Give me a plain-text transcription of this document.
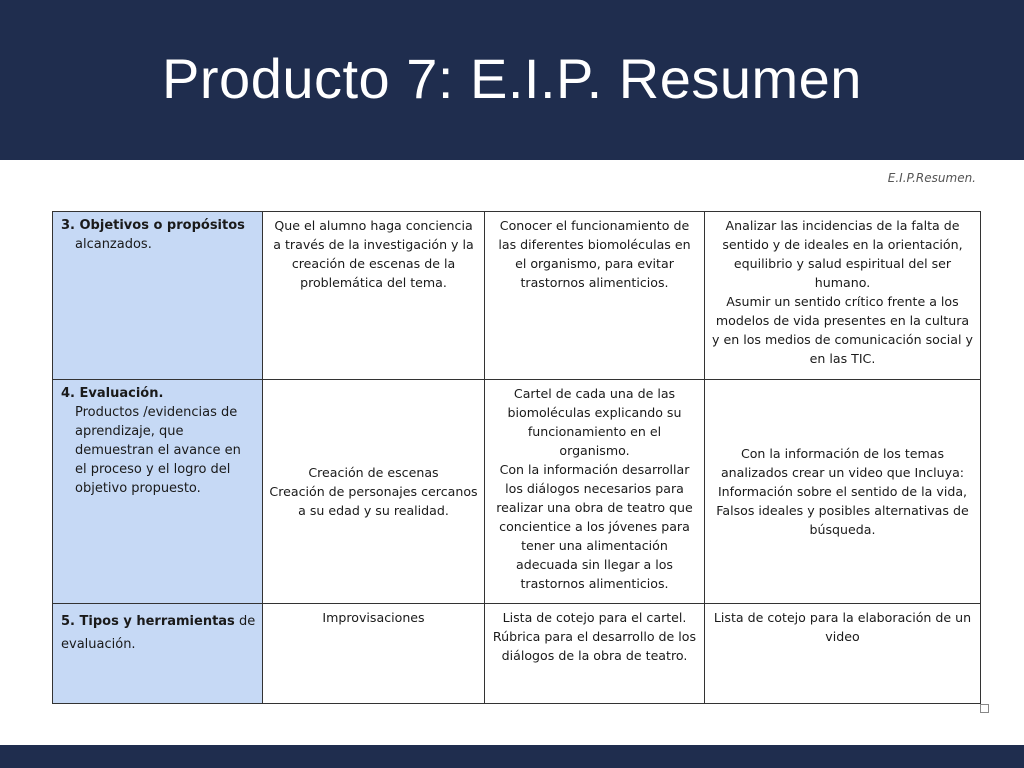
Producto 7: E.I.P. Resumen
E.I.P.Resumen.
3. Objetivos o propósitos
alcanzados.	Que el alumno haga conciencia a través de la investigación y la creación de escenas de la problemática del tema.	Conocer el funcionamiento de las diferentes biomoléculas en el organismo, para evitar trastornos alimenticios.	Analizar las incidencias de la falta de sentido y de ideales en la orientación, equilibrio y salud espiritual del ser humano.
Asumir un sentido crítico frente a los modelos de vida presentes en la cultura y en los medios de comunicación social y en las TIC.

4. Evaluación.
Productos /evidencias de aprendizaje, que demuestran el avance en el proceso y el logro del objetivo propuesto.	Creación de escenas
Creación de personajes cercanos a su edad y su realidad.	Cartel de cada una de las biomoléculas explicando su funcionamiento en el organismo.
Con la información desarrollar los diálogos necesarios para realizar una obra de teatro que concientice a los jóvenes para tener una alimentación adecuada sin llegar a los trastornos alimenticios.	Con la información de los temas analizados crear un video que Incluya: Información sobre el sentido de la vida, Falsos ideales y posibles alternativas de búsqueda.

5. Tipos y herramientas de
evaluación.	Improvisaciones	Lista de cotejo para el cartel.
Rúbrica para el desarrollo de los diálogos de la obra de teatro.	Lista de cotejo para la elaboración de un video
